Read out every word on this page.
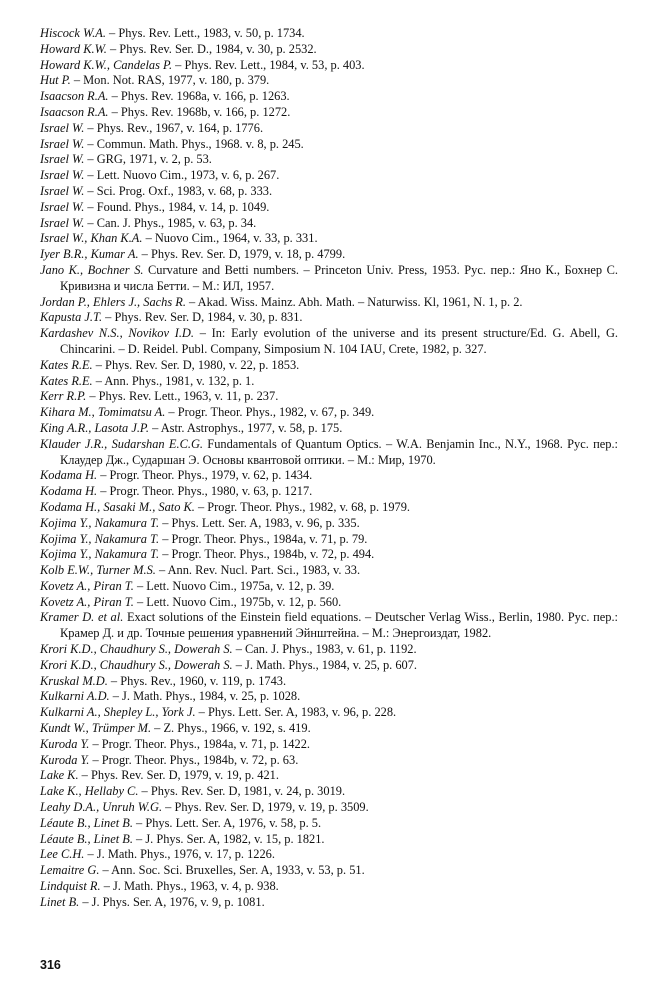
Hiscock W.A. – Phys. Rev. Lett., 1983, v. 50, p. 1734.
Howard K.W. – Phys. Rev. Ser. D., 1984, v. 30, p. 2532.
Howard K.W., Candelas P. – Phys. Rev. Lett., 1984, v. 53, p. 403.
Hut P. – Mon. Not. RAS, 1977, v. 180, p. 379.
Isaacson R.A. – Phys. Rev. 1968a, v. 166, p. 1263.
Isaacson R.A. – Phys. Rev. 1968b, v. 166, p. 1272.
Israel W. – Phys. Rev., 1967, v. 164, p. 1776.
Israel W. – Commun. Math. Phys., 1968. v. 8, p. 245.
Israel W. – GRG, 1971, v. 2, p. 53.
Israel W. – Lett. Nuovo Cim., 1973, v. 6, p. 267.
Israel W. – Sci. Prog. Oxf., 1983, v. 68, p. 333.
Israel W. – Found. Phys., 1984, v. 14, p. 1049.
Israel W. – Can. J. Phys., 1985, v. 63, p. 34.
Israel W., Khan K.A. – Nuovo Cim., 1964, v. 33, p. 331.
Iyer B.R., Kumar A. – Phys. Rev. Ser. D, 1979, v. 18, p. 4799.
Jano K., Bochner S. Curvature and Betti numbers. – Princeton Univ. Press, 1953. Рус. пер.: Яно К., Бохнер С. Кривизна и числа Бетти. – М.: ИЛ, 1957.
Jordan P., Ehlers J., Sachs R. – Akad. Wiss. Mainz. Abh. Math. – Naturwiss. Kl, 1961, N. 1, p. 2.
Kapusta J.T. – Phys. Rev. Ser. D, 1984, v. 30, p. 831.
Kardashev N.S., Novikov I.D. – In: Early evolution of the universe and its present structure/Ed. G. Abell, G. Chincarini. – D. Reidel. Publ. Company, Simposium N. 104 IAU, Crete, 1982, p. 327.
Kates R.E. – Phys. Rev. Ser. D, 1980, v. 22, p. 1853.
Kates R.E. – Ann. Phys., 1981, v. 132, p. 1.
Kerr R.P. – Phys. Rev. Lett., 1963, v. 11, p. 237.
Kihara M., Tomimatsu A. – Progr. Theor. Phys., 1982, v. 67, p. 349.
King A.R., Lasota J.P. – Astr. Astrophys., 1977, v. 58, p. 175.
Klauder J.R., Sudarshan E.C.G. Fundamentals of Quantum Optics. – W.A. Benjamin Inc., N.Y., 1968. Рус. пер.: Клаудер Дж., Сударшан Э. Основы квантовой оптики. – М.: Мир, 1970.
Kodama H. – Progr. Theor. Phys., 1979, v. 62, p. 1434.
Kodama H. – Progr. Theor. Phys., 1980, v. 63, p. 1217.
Kodama H., Sasaki M., Sato K. – Progr. Theor. Phys., 1982, v. 68, p. 1979.
Kojima Y., Nakamura T. – Phys. Lett. Ser. A, 1983, v. 96, p. 335.
Kojima Y., Nakamura T. – Progr. Theor. Phys., 1984a, v. 71, p. 79.
Kojima Y., Nakamura T. – Progr. Theor. Phys., 1984b, v. 72, p. 494.
Kolb E.W., Turner M.S. – Ann. Rev. Nucl. Part. Sci., 1983, v. 33.
Kovetz A., Piran T. – Lett. Nuovo Cim., 1975a, v. 12, p. 39.
Kovetz A., Piran T. – Lett. Nuovo Cim., 1975b, v. 12, p. 560.
Kramer D. et al. Exact solutions of the Einstein field equations. – Deutscher Verlag Wiss., Berlin, 1980. Рус. пер.: Крамер Д. и др. Точные решения уравнений Эйнштейна. – М.: Энергоиздат, 1982.
Krori K.D., Chaudhury S., Dowerah S. – Can. J. Phys., 1983, v. 61, p. 1192.
Krori K.D., Chaudhury S., Dowerah S. – J. Math. Phys., 1984, v. 25, p. 607.
Kruskal M.D. – Phys. Rev., 1960, v. 119, p. 1743.
Kulkarni A.D. – J. Math. Phys., 1984, v. 25, p. 1028.
Kulkarni A., Shepley L., York J. – Phys. Lett. Ser. A, 1983, v. 96, p. 228.
Kundt W., Trümper M. – Z. Phys., 1966, v. 192, s. 419.
Kuroda Y. – Progr. Theor. Phys., 1984a, v. 71, p. 1422.
Kuroda Y. – Progr. Theor. Phys., 1984b, v. 72, p. 63.
Lake K. – Phys. Rev. Ser. D, 1979, v. 19, p. 421.
Lake K., Hellaby C. – Phys. Rev. Ser. D, 1981, v. 24, p. 3019.
Leahy D.A., Unruh W.G. – Phys. Rev. Ser. D, 1979, v. 19, p. 3509.
Léaute B., Linet B. – Phys. Lett. Ser. A, 1976, v. 58, p. 5.
Léaute B., Linet B. – J. Phys. Ser. A, 1982, v. 15, p. 1821.
Lee C.H. – J. Math. Phys., 1976, v. 17, p. 1226.
Lemaitre G. – Ann. Soc. Sci. Bruxelles, Ser. A, 1933, v. 53, p. 51.
Lindquist R. – J. Math. Phys., 1963, v. 4, p. 938.
Linet B. – J. Phys. Ser. A, 1976, v. 9, p. 1081.
316
